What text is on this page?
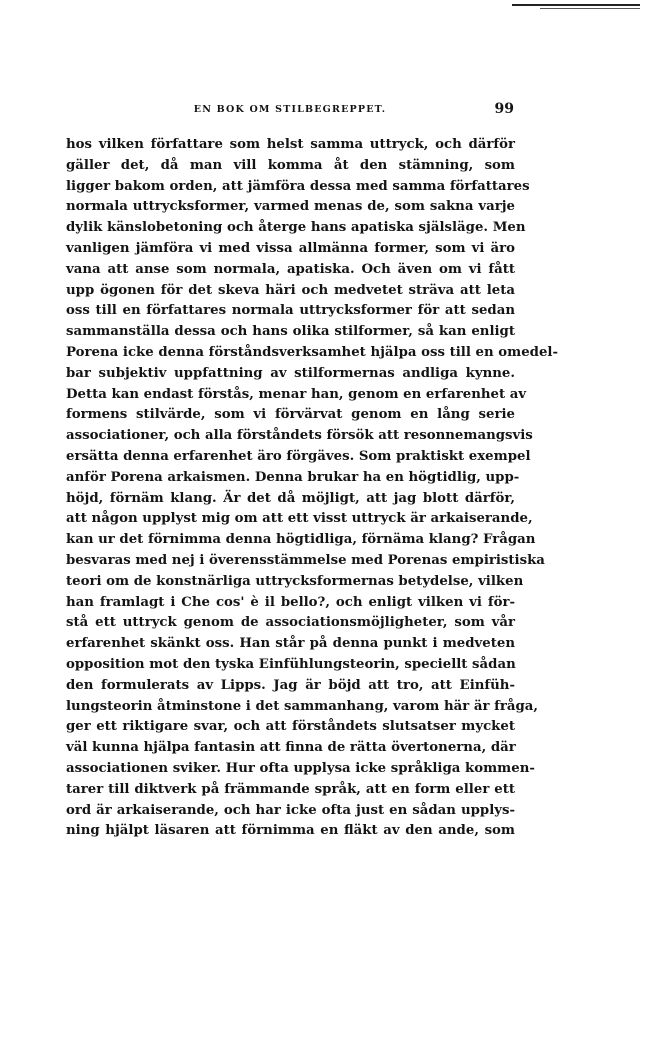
EN BOK OM STILBEGREPPET.	99
hos vilken författare som helst samma uttryck, och därför
gäller det, då man vill komma åt den stämning, som
ligger bakom orden, att jämföra dessa med samma författares
normala uttrycksformer, varmed menas de, som sakna varje
dylik känslobetoning och återge hans apatiska själsläge. Men
vanligen jämföra vi med vissa allmänna former, som vi äro
vana att anse som normala, apatiska. Och även om vi fått
upp ögonen för det skeva häri och medvetet sträva att leta
oss till en författares normala uttrycksformer för att sedan
sammanställa dessa och hans olika stilformer, så kan enligt
Porena icke denna förståndsverksamhet hjälpa oss till en omedel-
bar subjektiv uppfattning av stilformernas andliga kynne.
Detta kan endast förstås, menar han, genom en erfarenhet av
formens stilvärde, som vi förvärvat genom en lång serie
associationer, och alla förståndets försök att resonnemangsvis
ersätta denna erfarenhet äro förgäves. Som praktiskt exempel
anför Porena arkaismen. Denna brukar ha en högtidlig, upp-
höjd, förnäm klang. Är det då möjligt, att jag blott därför,
att någon upplyst mig om att ett visst uttryck är arkaiserande,
kan ur det förnimma denna högtidliga, förnäma klang? Frågan
besvaras med nej i överensstämmelse med Porenas empiristiska
teori om de konstnärliga uttrycksformernas betydelse, vilken
han framlagt i Che cos' è il bello?, och enligt vilken vi för-
stå ett uttryck genom de associationsmöjligheter, som vår
erfarenhet skänkt oss. Han står på denna punkt i medveten
opposition mot den tyska Einfühlungsteorin, speciellt sådan
den formulerats av Lipps. Jag är böjd att tro, att Einfüh-
lungsteorin åtminstone i det sammanhang, varom här är fråga,
ger ett riktigare svar, och att förståndets slutsatser mycket
väl kunna hjälpa fantasin att finna de rätta övertonerna, där
associationen sviker. Hur ofta upplysa icke språkliga kommen-
tarer till diktverk på främmande språk, att en form eller ett
ord är arkaiserande, och har icke ofta just en sådan upplys-
ning hjälpt läsaren att förnimma en fläkt av den ande, som
